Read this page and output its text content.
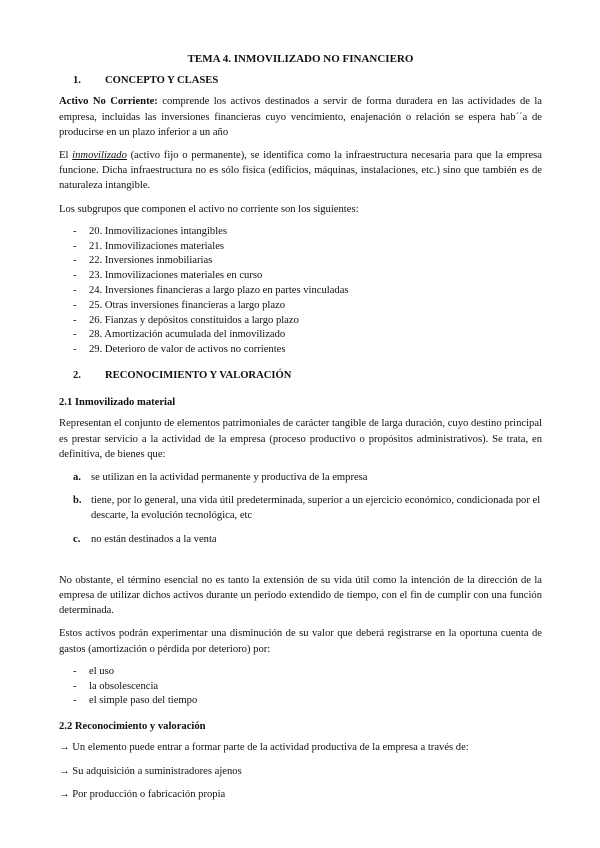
TEMA 4. INMOVILIZADO NO FINANCIERO
1.	CONCEPTO Y CLASES

Activo No Corriente: comprende los activos destinados a servir de forma duradera en las actividades de la empresa, incluidas las inversiones financieras cuyo vencimiento, enajenación o relación se espera hab´´a de producirse en un plazo inferior a un año

El inmovilizado (activo fijo o permanente), se identifica como la infraestructura necesaria para que la empresa funcione. Dicha infraestructura no es sólo física (edificios, máquinas, instalaciones, etc.) sino que también es de naturaleza intangible.

Los subgrupos que componen el activo no corriente son los siguientes:

-	20. Inmovilizaciones intangibles
-	21. Inmovilizaciones materiales
-	22. Inversiones inmobiliarias
-	23. Inmovilizaciones materiales en curso
-	24. Inversiones financieras a largo plazo en partes vinculadas
-	25. Otras inversiones financieras a largo plazo
-	26. Fianzas y depósitos constituidos a largo plazo
-	28. Amortización acumulada del inmovilizado
-	29. Deterioro de valor de activos no corrientes
2.	RECONOCIMIENTO Y VALORACIÓN
2.1 Inmovilizado material

Representan el conjunto de elementos patrimoniales de carácter tangible de larga duración, cuyo destino principal es prestar servicio a la actividad de la empresa (proceso productivo o propósitos administrativos). Se trata, en definitiva, de bienes que:

a. se utilizan en la actividad permanente y productiva de la empresa
b. tiene, por lo general, una vida útil predeterminada, superior a un ejercicio económico, condicionada por el descarte, la evolución tecnológica, etc
c.	no están destinados a la venta

No obstante, el término esencial no es tanto la extensión de su vida útil como la intención de la dirección de la empresa de utilizar dichos activos durante un periodo extendido de tiempo, con el fin de cumplir con una función determinada.

Estos activos podrán experimentar una disminución de su valor que deberá registrarse en la oportuna cuenta de gastos (amortización o pérdida por deterioro) por:

-	el uso
-	la obsolescencia
-	el simple paso del tiempo
2.2 Reconocimiento y valoración

→ Un elemento puede entrar a formar parte de la actividad productiva de la empresa a través de:

→ Su adquisición a suministradores ajenos

→ Por producción o fabricación propia
